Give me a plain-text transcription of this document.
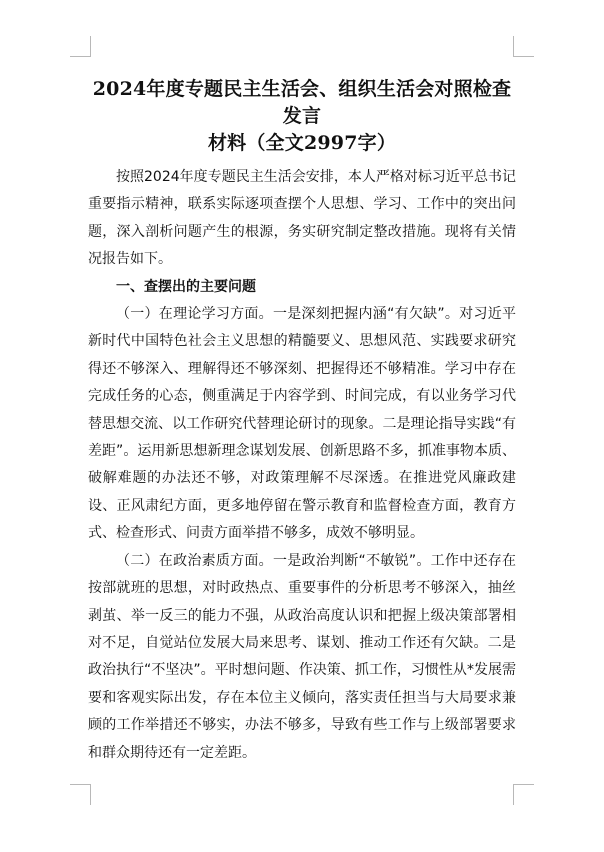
2024年度专题民主生活会、组织生活会对照检查发言
材料（全文2997字）

按照2024年度专题民主生活会安排，本人严格对标习近平总书记重要指示精神，联系实际逐项查摆个人思想、学习、工作中的突出问题，深入剖析问题产生的根源，务实研究制定整改措施。现将有关情况报告如下。

一、查摆出的主要问题

（一）在理论学习方面。一是深刻把握内涵“有欠缺”。对习近平新时代中国特色社会主义思想的精髓要义、思想风范、实践要求研究得还不够深入、理解得还不够深刻、把握得还不够精准。学习中存在完成任务的心态，侧重满足于内容学到、时间完成，有以业务学习代替思想交流、以工作研究代替理论研讨的现象。二是理论指导实践“有差距”。运用新思想新理念谋划发展、创新思路不多，抓准事物本质、破解难题的办法还不够，对政策理解不尽深透。在推进党风廉政建设、正风肃纪方面，更多地停留在警示教育和监督检查方面，教育方式、检查形式、问责方面举措不够多，成效不够明显。

（二）在政治素质方面。一是政治判断“不敏锐”。工作中还存在按部就班的思想，对时政热点、重要事件的分析思考不够深入，抽丝剥茧、举一反三的能力不强，从政治高度认识和把握上级决策部署相对不足，自觉站位发展大局来思考、谋划、推动工作还有欠缺。二是政治执行“不坚决”。平时想问题、作决策、抓工作，习惯性从*发展需要和客观实际出发，存在本位主义倾向，落实责任担当与大局要求兼顾的工作举措还不够实，办法不够多，导致有些工作与上级部署要求和群众期待还有一定差距。
